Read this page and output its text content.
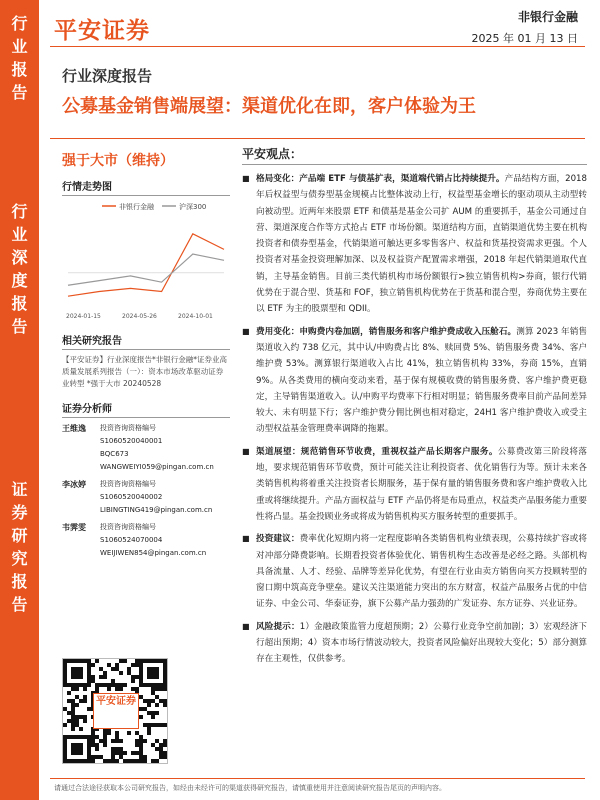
行
业
报
告
行
业
深
度
报
告
证
券
研
究
报
告
平安证券	非银行金融
2025 年 01 月 13 日
行业深度报告
公募基金销售端展望：渠道优化在即，客户体验为王
强于大市（维持）
行情走势图
非银行金融	沪深300
2024-01-15	2024-05-26	2024-10-01
相关研究报告
【平安证券】行业深度报告*非银行金融*证券业高质量发展系列报告（一）：资本市场改革驱动证券业转型 *强于大市 20240528
证券分析师
王维逸	投资咨询资格编号
S1060520040001
BQC673
WANGWEIYI059@pingan.com.cn
李冰婷	投资咨询资格编号
S1060520040002
LIBINGTING419@pingan.com.cn
韦霁雯	投资咨询资格编号
S1060524070004
WEIJIWEN854@pingan.com.cn
平安证券
平安观点：
■ 格局变化：产品端 ETF 与债基扩表，渠道端代销占比持续提升。产品结构方面，2018 年后权益型与债券型基金规模占比整体波动上行，权益型基金增长的驱动项从主动型转向被动型。近两年来股票 ETF 和债基是基金公司扩 AUM 的重要抓手，基金公司通过自营、渠道深度合作等方式抢占 ETF 市场份额。渠道结构方面，直销渠道优势主要在机构投资者和债券型基金，代销渠道可触达更多零售客户、权益和货基投资需求更强。个人投资者对基金投资理解加深、以及权益资产配置需求增强，2018 年起代销渠道取代直销，主导基金销售。目前三类代销机构市场份额银行>独立销售机构>券商，银行代销优势在于混合型、货基和 FOF，独立销售机构优势在于货基和混合型，券商优势主要在以 ETF 为主的股票型和 QDII。
■ 费用变化：申购费内卷加剧，销售服务和客户维护费成收入压舱石。测算 2023 年销售渠道收入约 738 亿元，其中认/申购费占比 8%、赎回费 5%、销售服务费 34%、客户维护费 53%。测算银行渠道收入占比 41%，独立销售机构 33%，券商 15%，直销 9%。从各类费用的横向变动来看，基于保有规模收费的销售服务费、客户维护费更稳定，主导销售渠道收入。认/申购平均费率下行相对明显；销售服务费率目前产品间差异较大、未有明显下行；客户维护费分佣比例也相对稳定，24H1 客户维护费收入或受主动型权益基金管理费率调降的拖累。
■ 渠道展望：规范销售环节收费，重视权益产品长期客户服务。公募费改第三阶段将落地，要求规范销售环节收费，预计可能关注让利投资者、优化销售行为等。预计未来各类销售机构将着重关注投资者长期服务，基于保有量的销售服务费和客户维护费收入比重或将继续提升。产品方面权益与 ETF 产品仍将是布局重点，权益类产品服务能力重要性将凸显。基金投顾业务或将成为销售机构买方服务转型的重要抓手。
■ 投资建议：费率优化短期内将一定程度影响各类销售机构业绩表现，公募持续扩容或将对冲部分降费影响。长期看投资者体验优化、销售机构生态改善是必经之路。头部机构具备流量、人才、经验、品牌等差异化优势，有望在行业由卖方销售向买方投顾转型的窗口期中筑高竞争壁垒。建议关注渠道能力突出的东方财富，权益产品服务占优的中信证券、中金公司、华泰证券，旗下公募产品力强劲的广发证券、东方证券、兴业证券。
■ 风险提示：1）金融政策监管力度超预期；2）公募行业竞争空前加剧；3）宏观经济下行超出预期；4）资本市场行情波动较大，投资者风险偏好出现较大变化；5）部分测算存在主观性，仅供参考。
请通过合法途径获取本公司研究报告，如经由未经许可的渠道获得研究报告，请慎重使用并注意阅读研究报告尾页的声明内容。
